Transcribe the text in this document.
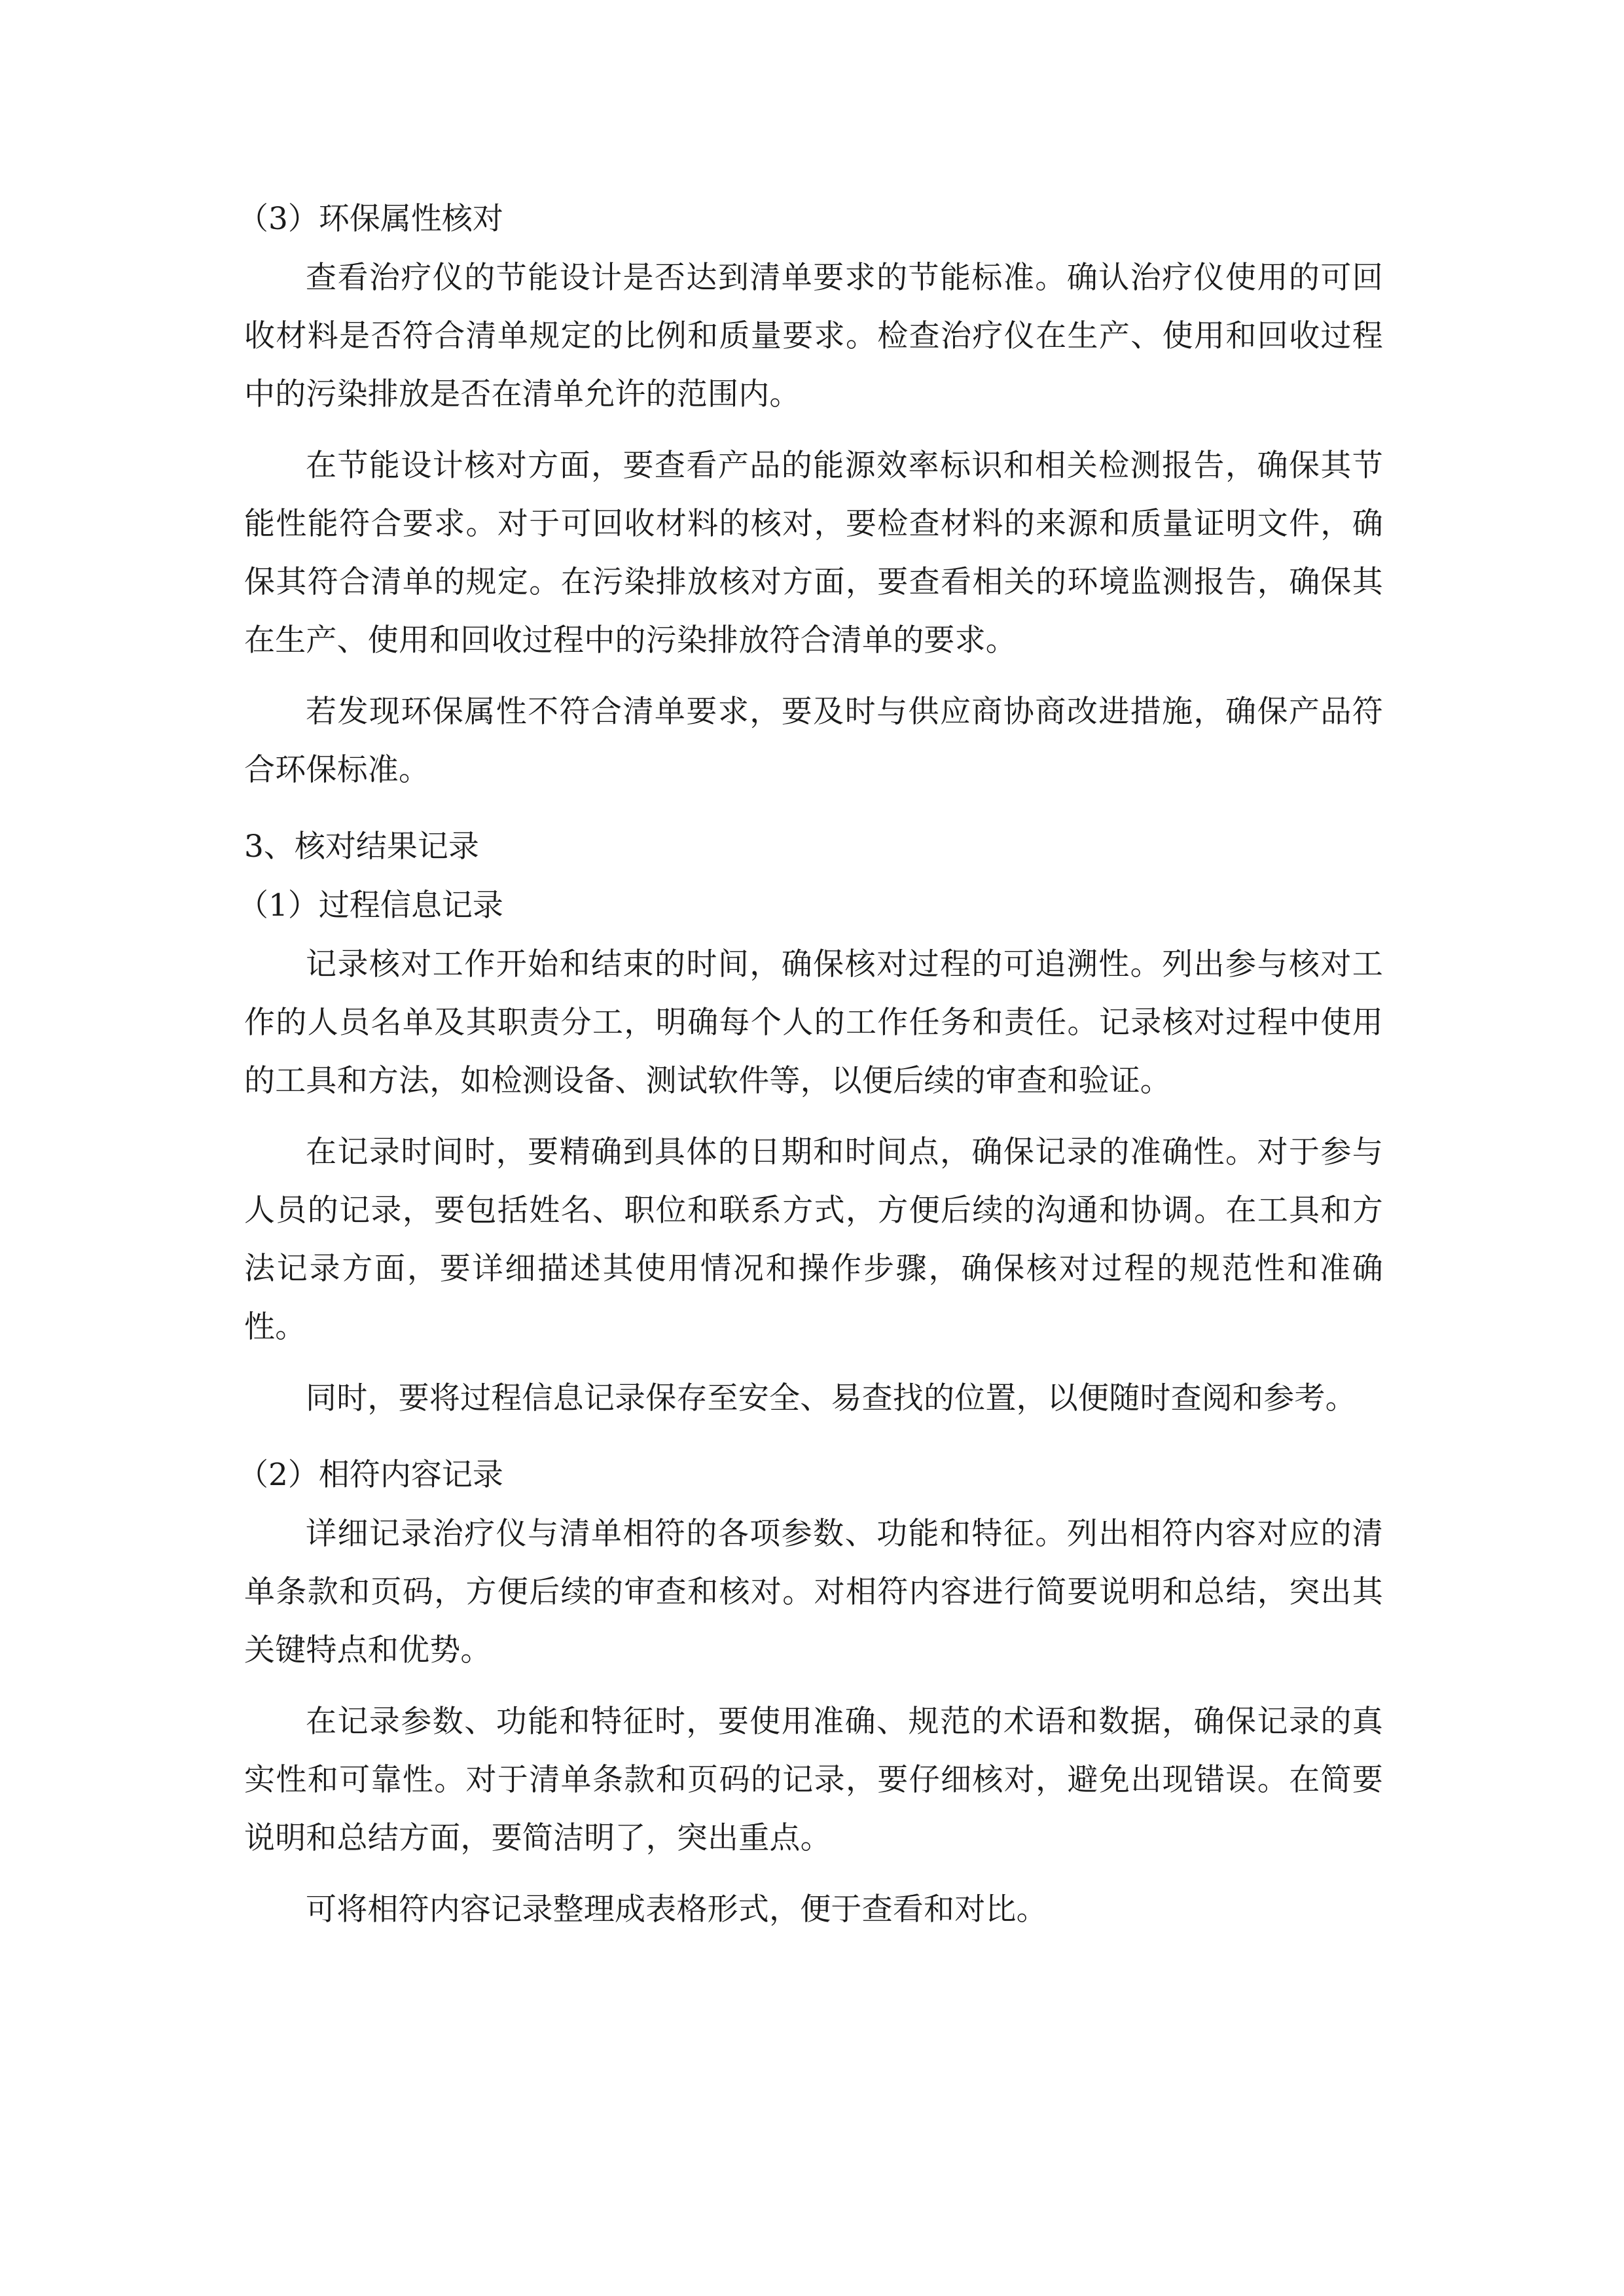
（3）环保属性核对

查看治疗仪的节能设计是否达到清单要求的节能标准。确认治疗仪使用的可回收材料是否符合清单规定的比例和质量要求。检查治疗仪在生产、使用和回收过程中的污染排放是否在清单允许的范围内。

在节能设计核对方面，要查看产品的能源效率标识和相关检测报告，确保其节能性能符合要求。对于可回收材料的核对，要检查材料的来源和质量证明文件，确保其符合清单的规定。在污染排放核对方面，要查看相关的环境监测报告，确保其在生产、使用和回收过程中的污染排放符合清单的要求。

若发现环保属性不符合清单要求，要及时与供应商协商改进措施，确保产品符合环保标准。

3、核对结果记录
（1）过程信息记录

记录核对工作开始和结束的时间，确保核对过程的可追溯性。列出参与核对工作的人员名单及其职责分工，明确每个人的工作任务和责任。记录核对过程中使用的工具和方法，如检测设备、测试软件等，以便后续的审查和验证。

在记录时间时，要精确到具体的日期和时间点，确保记录的准确性。对于参与人员的记录，要包括姓名、职位和联系方式，方便后续的沟通和协调。在工具和方法记录方面，要详细描述其使用情况和操作步骤，确保核对过程的规范性和准确性。

同时，要将过程信息记录保存至安全、易查找的位置，以便随时查阅和参考。

（2）相符内容记录

详细记录治疗仪与清单相符的各项参数、功能和特征。列出相符内容对应的清单条款和页码，方便后续的审查和核对。对相符内容进行简要说明和总结，突出其关键特点和优势。

在记录参数、功能和特征时，要使用准确、规范的术语和数据，确保记录的真实性和可靠性。对于清单条款和页码的记录，要仔细核对，避免出现错误。在简要说明和总结方面，要简洁明了，突出重点。

可将相符内容记录整理成表格形式，便于查看和对比。
